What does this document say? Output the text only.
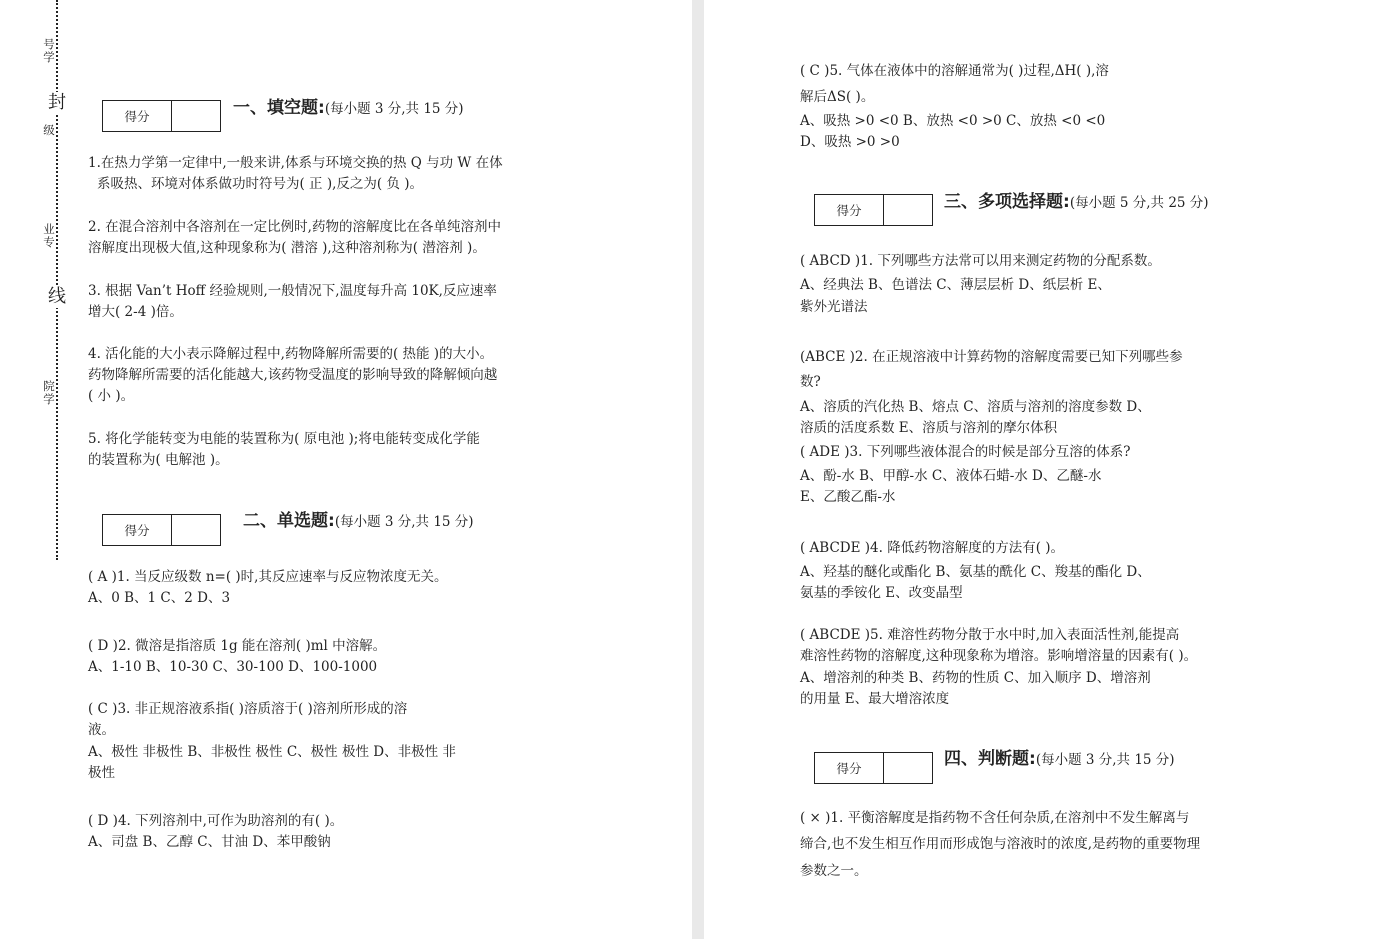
号学
封
级
业专
线
院学
得分	一、填空题:(每小题 3 分,共 15 分)
1.在热力学第一定律中,一般来讲,体系与环境交换的热 Q 与功 W 在体
系吸热、环境对体系做功时符号为( 正 ),反之为( 负 )。
2. 在混合溶剂中各溶剂在一定比例时,药物的溶解度比在各单纯溶剂中
溶解度出现极大值,这种现象称为( 潜溶 ),这种溶剂称为( 潜溶剂 )。
3. 根据 Van’t Hoff 经验规则,一般情况下,温度每升高 10K,反应速率
增大( 2-4 )倍。
4. 活化能的大小表示降解过程中,药物降解所需要的( 热能 )的大小。
药物降解所需要的活化能越大,该药物受温度的影响导致的降解倾向越
( 小 )。
5. 将化学能转变为电能的装置称为( 原电池 );将电能转变成化学能
的装置称为( 电解池 )。
得分	二、单选题:(每小题 3 分,共 15 分)
( A )1. 当反应级数 n=( )时,其反应速率与反应物浓度无关。
A、0 B、1 C、2 D、3
( D )2. 微溶是指溶质 1g 能在溶剂( )ml 中溶解。
A、1-10 B、10-30 C、30-100 D、100-1000
( C )3. 非正规溶液系指( )溶质溶于( )溶剂所形成的溶
液。
A、极性 非极性 B、非极性 极性 C、极性 极性 D、非极性 非
极性
( D )4. 下列溶剂中,可作为助溶剂的有( )。
A、司盘 B、乙醇 C、甘油 D、苯甲酸钠
( C )5. 气体在液体中的溶解通常为( )过程,ΔH( ),溶
解后ΔS( )。
A、吸热 >0 <0 B、放热 <0 >0 C、放热 <0 <0
D、吸热 >0 >0
得分	三、多项选择题:(每小题 5 分,共 25 分)
( ABCD )1. 下列哪些方法常可以用来测定药物的分配系数。
A、经典法 B、色谱法 C、薄层层析 D、纸层析 E、
紫外光谱法
(ABCE )2. 在正规溶液中计算药物的溶解度需要已知下列哪些参
数?
A、溶质的汽化热 B、熔点 C、溶质与溶剂的溶度参数 D、
溶质的活度系数 E、溶质与溶剂的摩尔体积
( ADE )3. 下列哪些液体混合的时候是部分互溶的体系?
A、酚-水 B、甲醇-水 C、液体石蜡-水 D、乙醚-水
E、乙酸乙酯-水
( ABCDE )4. 降低药物溶解度的方法有( )。
A、羟基的醚化或酯化 B、氨基的酰化 C、羧基的酯化 D、
氨基的季铵化 E、改变晶型
( ABCDE )5. 难溶性药物分散于水中时,加入表面活性剂,能提高
难溶性药物的溶解度,这种现象称为增溶。影响增溶量的因素有( )。
A、增溶剂的种类 B、药物的性质 C、加入顺序 D、增溶剂
的用量 E、最大增溶浓度
得分	四、判断题:(每小题 3 分,共 15 分)
( × )1. 平衡溶解度是指药物不含任何杂质,在溶剂中不发生解离与
缔合,也不发生相互作用而形成饱与溶液时的浓度,是药物的重要物理
参数之一。
